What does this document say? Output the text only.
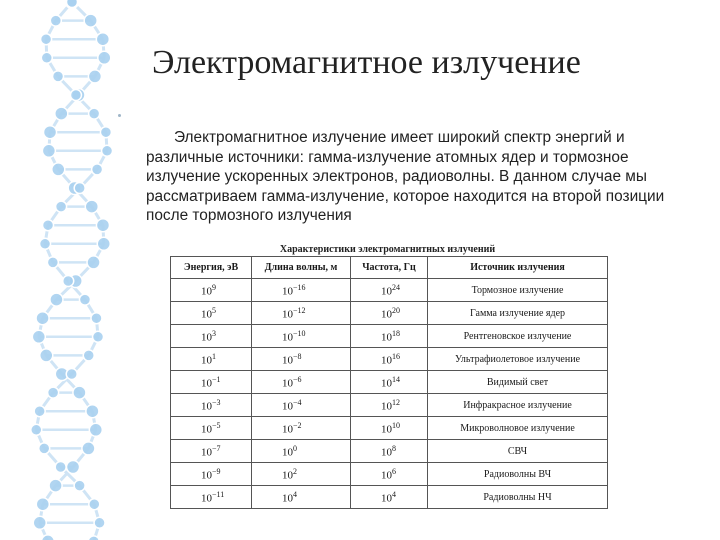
Электромагнитное излучение

Электромагнитное излучение имеет широкий спектр энергий и различные источники: гамма-излучение атомных ядер и тормозное излучение ускоренных электронов, радиоволны. В данном случае мы рассматриваем гамма-излучение, которое находится на второй позиции после тормозного излучения

Характеристики электромагнитных излучений
Энергия, эВ	Длина волны, м	Частота, Гц	Источник излучения
$10^9$	$10^{-16}$	$10^{24}$	Тормозное излучение
$10^5$	$10^{-12}$	$10^{20}$	Гамма излучение ядер
$10^3$	$10^{-10}$	$10^{18}$	Рентгеновское излучение
$10^1$	$10^{-8}$	$10^{16}$	Ультрафиолетовое излучение
$10^{-1}$	$10^{-6}$	$10^{14}$	Видимый свет
$10^{-3}$	$10^{-4}$	$10^{12}$	Инфракрасное излучение
$10^{-5}$	$10^{-2}$	$10^{10}$	Микроволновое излучение
$10^{-7}$	$10^0$	$10^8$	СВЧ
$10^{-9}$	$10^2$	$10^6$	Радиоволны ВЧ
$10^{-11}$	$10^4$	$10^4$	Радиоволны НЧ
